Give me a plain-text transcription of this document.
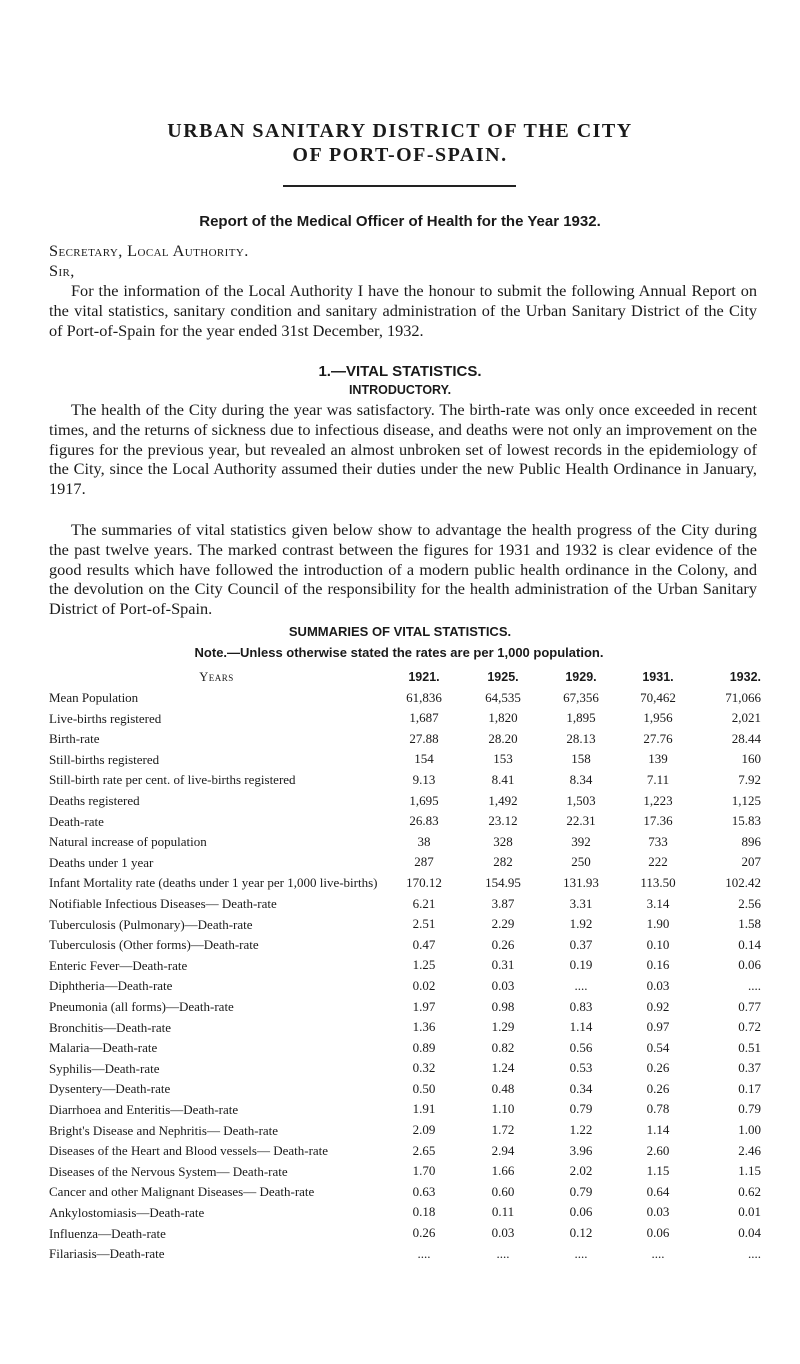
URBAN SANITARY DISTRICT OF THE CITY
OF PORT-OF-SPAIN.
Report of the Medical Officer of Health for the Year 1932.

Secretary, Local Authority.

Sir,

For the information of the Local Authority I have the honour to submit the following Annual Report on the vital statistics, sanitary condition and sanitary administration of the Urban Sanitary District of the City of Port-of-Spain for the year ended 31st December, 1932.

1.—VITAL STATISTICS.
INTRODUCTORY.

The health of the City during the year was satisfactory. The birth-rate was only once exceeded in recent times, and the returns of sickness due to infectious disease, and deaths were not only an improvement on the figures for the previous year, but revealed an almost unbroken set of lowest records in the epidemiology of the City, since the Local Authority assumed their duties under the new Public Health Ordinance in January, 1917.

The summaries of vital statistics given below show to advantage the health progress of the City during the past twelve years. The marked contrast between the figures for 1931 and 1932 is clear evidence of the good results which have followed the introduction of a modern public health ordinance in the Colony, and the devolution on the City Council of the responsibility for the health administration of the Urban Sanitary District of Port-of-Spain.

SUMMARIES OF VITAL STATISTICS.
Note.—Unless otherwise stated the rates are per 1,000 population.
Years	1921.	1925.	1929.	1931.	1932.

Mean Population	61,836	64,535	67,356	70,462	71,066

Live-births registered	1,687	1,820	1,895	1,956	2,021

Birth-rate	27.88	28.20	28.13	27.76	28.44

Still-births registered	154	153	158	139	160

Still-birth rate per cent. of live-births registered	9.13	8.41	8.34	7.11	7.92

Deaths registered	1,695	1,492	1,503	1,223	1,125

Death-rate	26.83	23.12	22.31	17.36	15.83

Natural increase of population	38	328	392	733	896

Deaths under 1 year	287	282	250	222	207

Infant Mortality rate (deaths under 1 year per 1,000 live-births)	170.12	154.95	131.93	113.50	102.42

Notifiable Infectious Diseases— Death-rate	6.21	3.87	3.31	3.14	2.56

Tuberculosis (Pulmonary)—Death-rate	2.51	2.29	1.92	1.90	1.58

Tuberculosis (Other forms)—Death-rate	0.47	0.26	0.37	0.10	0.14

Enteric Fever—Death-rate	1.25	0.31	0.19	0.16	0.06

Diphtheria—Death-rate	0.02	0.03	....	0.03	....

Pneumonia (all forms)—Death-rate	1.97	0.98	0.83	0.92	0.77

Bronchitis—Death-rate	1.36	1.29	1.14	0.97	0.72

Malaria—Death-rate	0.89	0.82	0.56	0.54	0.51

Syphilis—Death-rate	0.32	1.24	0.53	0.26	0.37

Dysentery—Death-rate	0.50	0.48	0.34	0.26	0.17

Diarrhoea and Enteritis—Death-rate	1.91	1.10	0.79	0.78	0.79

Bright's Disease and Nephritis— Death-rate	2.09	1.72	1.22	1.14	1.00

Diseases of the Heart and Blood vessels— Death-rate	2.65	2.94	3.96	2.60	2.46

Diseases of the Nervous System— Death-rate	1.70	1.66	2.02	1.15	1.15

Cancer and other Malignant Diseases— Death-rate	0.63	0.60	0.79	0.64	0.62

Ankylostomiasis—Death-rate	0.18	0.11	0.06	0.03	0.01

Influenza—Death-rate	0.26	0.03	0.12	0.06	0.04

Filariasis—Death-rate	....	....	....	....	....
